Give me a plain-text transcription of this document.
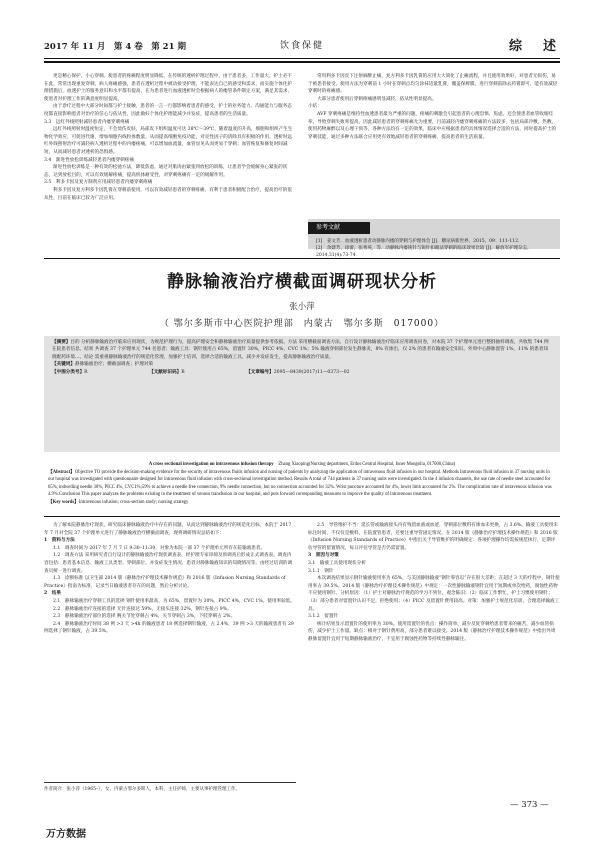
2017 年 11 月　第 4 卷　第 21 期	饮食保健	综　述

更是精心保护，小心穿刺。使患者的疼痛程度明显降低。在传统的透析护理过程中，由于患者多，工作量大，护士必不在此，常常出现重复穿刺，病人疼痛感强，患者在透析过程中被动接受护理，不能表达自己的感受和需求，而实施个体化护理措施后，血透护士的服务意识和水平都有提高，在为患者进行血液透析时会根据病人的瘘管条件制定方案，满足其需求，使患者对护理工作的满意度明显提高。

由于诊疗过程中大部分时间都与护士接触，患者的一言一行都影响着患者的感受，护士的业务能力、沟通能力与服务态度都直接影响患者对治疗的信心与依从性，因此做好个体化护理能减少并发症，提高患者的生活质量。

3.3　远红外线照射减轻患者内瘘穿刺疼痛

远红外线照射时温度恒定，不会烫伤皮肤，局部皮下组织温度可达 38℃～39℃。随着温度的升高，细胞和组织产生生物化学效应，可促进代谢，增加细胞内线粒体数量，从而提高细胞免疫功能，对炎性因子的清除具有积极的作用。透析时远红外线照射治疗可减轻病人透析过程中的内瘘疼痛，可以增加血流量，血管显见从而更易于穿刺；血管恢复和修复时间减短，从而减轻患者对透析的恐惧感。

3.4　渐进性放松训练减轻患者内瘘穿刺疼痛

渐进性放松训练是一种有效的松弛方法，降低焦虑，通过对肌肉由紧张到放松的训练，让患者学会缓解身心紧张的状态，达到放松目的，可以有效缓解疼痛，提高机体耐受性，对穿刺疼痛有一定的缓解作用。

3.5　利多卡因及复方制剂应用减轻患者内瘘穿刺疼痛

利多卡因及复方利多卡因乳膏在穿刺前使用，可以有效减轻患者的穿刺疼痛，有利于患者积极配合治疗，提高治疗的依从性，目前在临床已较为广泛应用。

常用利多卡因皮下注射麻醉止痛，复方利多卡因乳膏的应用大大简化了止痛流程，并且使用效果好，对患者无损伤，易于被患者接受，使用方法为穿刺前 1 小时在穿刺点均匀涂抹适量乳膏，覆盖保鲜膜，进行穿刺前除去药膏即可，能有效减轻穿刺时的疼痛感。

大部分患者使用后穿刺疼痛感明显减轻，依从性明显提高。

小结：

AVF 穿刺疼痛是维持性血透患者最为严重的问题，疼痛的刺激会引起患者的心理恐惧，焦虑，还会使患者血管收缩痉挛，导致穿刺失败率提高，因此减轻患者的穿刺疼痛尤为重要，目前减轻内瘘穿刺疼痛的方法较多，包括局部冷敷、热敷、使用药物麻醉以及心理干预等，各种方法均有一定的效果，临床中应根据患者的具体情况选择合适的方法，同时提高护士的穿刺技能，通过多种方法联合应用更有效地减轻患者的穿刺疼痛，提高患者的生活质量。

参考文献
[1]　姜文芳．血液透析患者动静脉内瘘的穿刺与护理体会 [J]．糖尿病新世界，2015，09：111-112．
[2]　余建芳，徐蕾，张秀英，等．动静脉内瘘钝针与锐针扣眼法穿刺的临床效果比较 [J]．解放军护理杂志，2014,31(4):73-74．
静脉输液治疗横截面调研现状分析
张小萍
（ 鄂尔多斯市中心医院护理部　内蒙古　鄂尔多斯　017000）
【摘要】目的 分析静脉输液治疗临床应用现状，为规范护理行为，提高护理安全和静脉输液治疗质量提供参考依据。方法 采用横截面调查方法，自行设计静脉输液治疗临床应用调查问卷，对本院 37 个护理单元进行整群抽样调查，共收集 744 例在院患者信息。结果 共调查 37 个护理单元 744 名患者；输液工具：钢针使用占 65%，留置针 30%，PICC 4%，CVC 1%；5% 输液穿刺部位发生静脉炎，8% 有渗出，仅 2% 的患者有输液安全知识，外周中心静脉置管 1%，11% 的患者知晓配药环境…。结论 需重视静脉输液治疗的规范化管理，加强护士培训，选择合适的输液工具，减少并发症发生，提高静脉输液治疗质量。
【关键词】静脉输液治疗；横截面调查；护理对策
【中图分类号】R	【文献标识码】B	【文章编号】2095—8439(2017)11—0373—02

A cross sectional investigation on intravenous infusion therapy　 Zhang Xiaoping(Nursing department, Erdos Central Hospital, Inner Mongolia, 017000,China)

【Abstract】Objective TO provide the decision-making evidence for the security of intravenous fluids infusion and nursing of patients by analyzing the application of intravenous fluid infusion in our hospital. Methods Intravenous fluid infusion in 37 nursing units in our hospital was investigated with questionnaire designed for intravenous fluid infusion with cross-sectional investigation method. Results A total of 744 patients in 37 nursing units were investigated. In the 4 infusion channels, the use rate of needle steel accounted for 65%, indwelling needle 30%, PICC 4%, CVC1%;59% to achieve a needle free connection, 9% needle connection, but no connection accounted for 32%. Wrist puncture accounted for 4%, lower limb accounted for 2%. The complication rate of intravenous infusion was 4.9%.Conclusion This paper analyzes the problems existing in the treatment of venous transfusion in our hospital, and puts forward corresponding measures to improve the quality of intravenous treatment.
【Key words】Intravenous infusion; cross-section study; nursing strategy

为了解本院静脉治疗现状，研究临床静脉输液治疗中存在的问题，从而达到静脉输液治疗的规范化目标，本院于 2017 年 7 月对全院 37 个护理单元进行了静脉输液治疗横截面调查，现将调研情况总结如下：

1　资料与方法

1.1　调查时间为 2017 年 7 月 7 日 9:30–11:30，对象为本院一部 37 个护理单元所有在院输液患者。

1.2　调查方法 采用研究者自行设计的静脉输液治疗现状调查表，经护理专家审阅及预调查后形成正式调查表。调查内容包括：患者基本信息、输液工具类型、穿刺部位、并发症发生情况、患者对静脉输液知识的知晓情况等。由经过培训的调查员统一进行调查。

1.3　诊断标准 以卫生部 2014 版《静脉治疗护理技术操作规范》和 2016 版《Infusion Nursing Standards of Practice》指南为标准，记录当日输液患者存在的问题，然后分析讨论。

2　结果

2.1　静脉输液治疗穿刺工具的选择 钢针使用率最高，为 65%，留置针为 30%，PICC 4%，CVC 1%，使用率较低。

2.2　静脉输液治疗连接的选择 无针连接达 59%，无接头连接 32%，钢针连接占 9%。

2.3　静脉输液治疗部位的选择 腕关节处穿刺占 4%，关节穿刺占 3%，下肢穿刺占 2%。

2.4　静脉输液治疗时间 38 例 >3 天 >4h 的输液患者 18 例选择钢针输液，占 2.4%，39 例 >3 天的输液患者有 29 例选择了钢针输液，占 39.5%。

2.5　导管维护不当：延长管或输液接头内有残留血液或血迹，穿刺部位敷料有渗血未更换，占 3.6%。输液工具使用未标注时间，不仅仅是敷料，在院置管患者，还要注重导管固定情况。在 2014 版《静脉治疗护理技术操作规范》和 2016 版《Infusion Nursing Standards of Practice》中指出关于导管维护的明确规定：各项护理操作均需按规范执行，定期评估导管的留置情况，每日评估导管是否仍需留置。

3　原因与对策

3.1　输液工具使用现状分析

3.1.1　钢针

本次调查结果显示钢针输液使用率为 65%，与美国静脉输液“钢针零容忍”存在很大差距；在超过 3 天的疗程中，钢针使用率占 39.5%。2014 版《静脉治疗护理技术操作规范》中规定：一次性静脉输液钢针宜用于短期或单次给药，腐蚀性药物不应使用钢针。分析原因：（1）护士对静脉治疗规范的学习不到位，观念陈旧；（2）临床工作繁忙，护士习惯使用钢针；（3）部分患者对留置针认识不足，拒绝使用；（4）PICC 及留置针费用较高。对策：加强护士规范化培训，合理选择输液工具。

3.1.2　留置针

统计结果显示留置针的使用率为 30%。使用留置针的优点：操作简单，减少反复穿刺给患者带来的痛苦，减少血管损伤，减少护士工作量。缺点：相对于钢针费用高，部分患者难以接受。2014 版《静脉治疗护理技术操作规范》中指出外周静脉留置针宜用于短期静脉输液治疗，不宜用于腐蚀性药物等持续性静脉输注。

作者简介：张小萍（1965–），女，内蒙古鄂尔多斯人，本科，主任护师，主要从事护理管理工作。
— 373 —
万方数据
